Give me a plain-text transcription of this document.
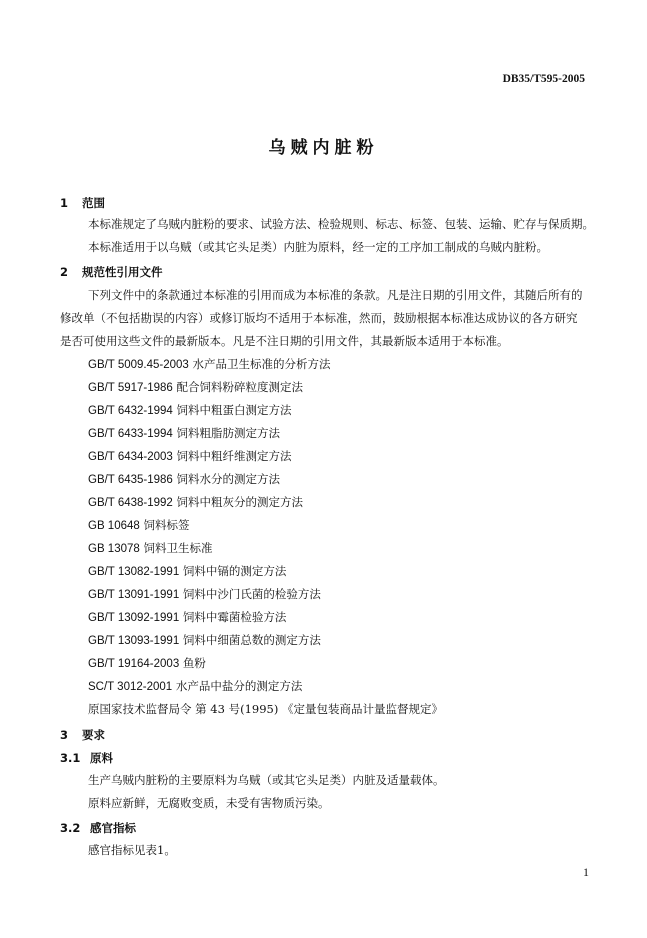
DB35/T595-2005
乌贼内脏粉
1 范围
本标准规定了乌贼内脏粉的要求、试验方法、检验规则、标志、标签、包装、运输、贮存与保质期。
本标准适用于以乌贼（或其它头足类）内脏为原料，经一定的工序加工制成的乌贼内脏粉。
2 规范性引用文件
下列文件中的条款通过本标准的引用而成为本标准的条款。凡是注日期的引用文件，其随后所有的
修改单（不包括勘误的内容）或修订版均不适用于本标准，然而，鼓励根据本标准达成协议的各方研究
是否可使用这些文件的最新版本。凡是不注日期的引用文件，其最新版本适用于本标准。
GB/T 5009.45-2003 水产品卫生标准的分析方法
GB/T 5917-1986 配合饲料粉碎粒度测定法
GB/T 6432-1994 饲料中粗蛋白测定方法
GB/T 6433-1994 饲料粗脂肪测定方法
GB/T 6434-2003 饲料中粗纤维测定方法
GB/T 6435-1986 饲料水分的测定方法
GB/T 6438-1992 饲料中粗灰分的测定方法
GB 10648 饲料标签
GB 13078 饲料卫生标准
GB/T 13082-1991 饲料中镉的测定方法
GB/T 13091-1991 饲料中沙门氏菌的检验方法
GB/T 13092-1991 饲料中霉菌检验方法
GB/T 13093-1991 饲料中细菌总数的测定方法
GB/T 19164-2003 鱼粉
SC/T 3012-2001 水产品中盐分的测定方法
原国家技术监督局令 第 43 号(1995) 《定量包装商品计量监督规定》
3 要求
3.1 原料
生产乌贼内脏粉的主要原料为乌贼（或其它头足类）内脏及适量载体。
原料应新鲜，无腐败变质，未受有害物质污染。
3.2 感官指标
感官指标见表1。
1
